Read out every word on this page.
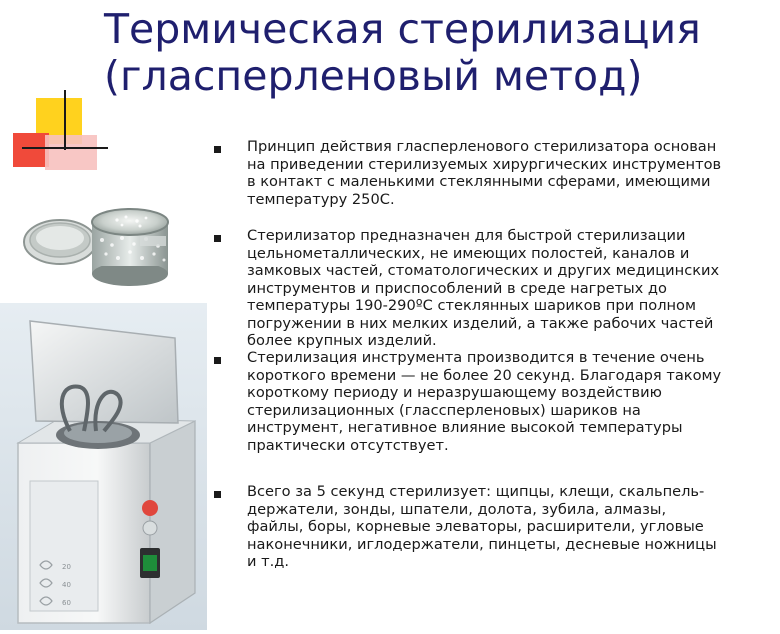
Термическая стерилизация
(гласперленовый метод)
20
40
60
Принцип действия гласперленового стерилизатора основан
на приведении стерилизуемых хирургических инструментов
в контакт с маленькими стеклянными сферами, имеющими
температуру 250С.
Стерилизатор предназначен для быстрой стерилизации
цельнометаллических, не имеющих полостей, каналов и
замковых частей, стоматологических и других медицинских
инструментов и приспособлений в среде нагретых до
температуры 190-290ºС стеклянных шариков при полном
погружении в них мелких изделий, а также рабочих частей
более крупных изделий.
Стерилизация инструмента производится в течение очень
короткого времени — не более 20 секунд. Благодаря такому
короткому периоду и неразрушающему воздействию
стерилизационных (глассперленовых) шариков на
инструмент, негативное влияние высокой температуры
практически отсутствует.
Всего за 5 секунд стерилизует: щипцы, клещи, скальпель-
держатели, зонды, шпатели, долота, зубила, алмазы,
файлы, боры, корневые элеваторы, расширители, угловые
наконечники, иглодержатели, пинцеты, десневые ножницы
и т.д.
